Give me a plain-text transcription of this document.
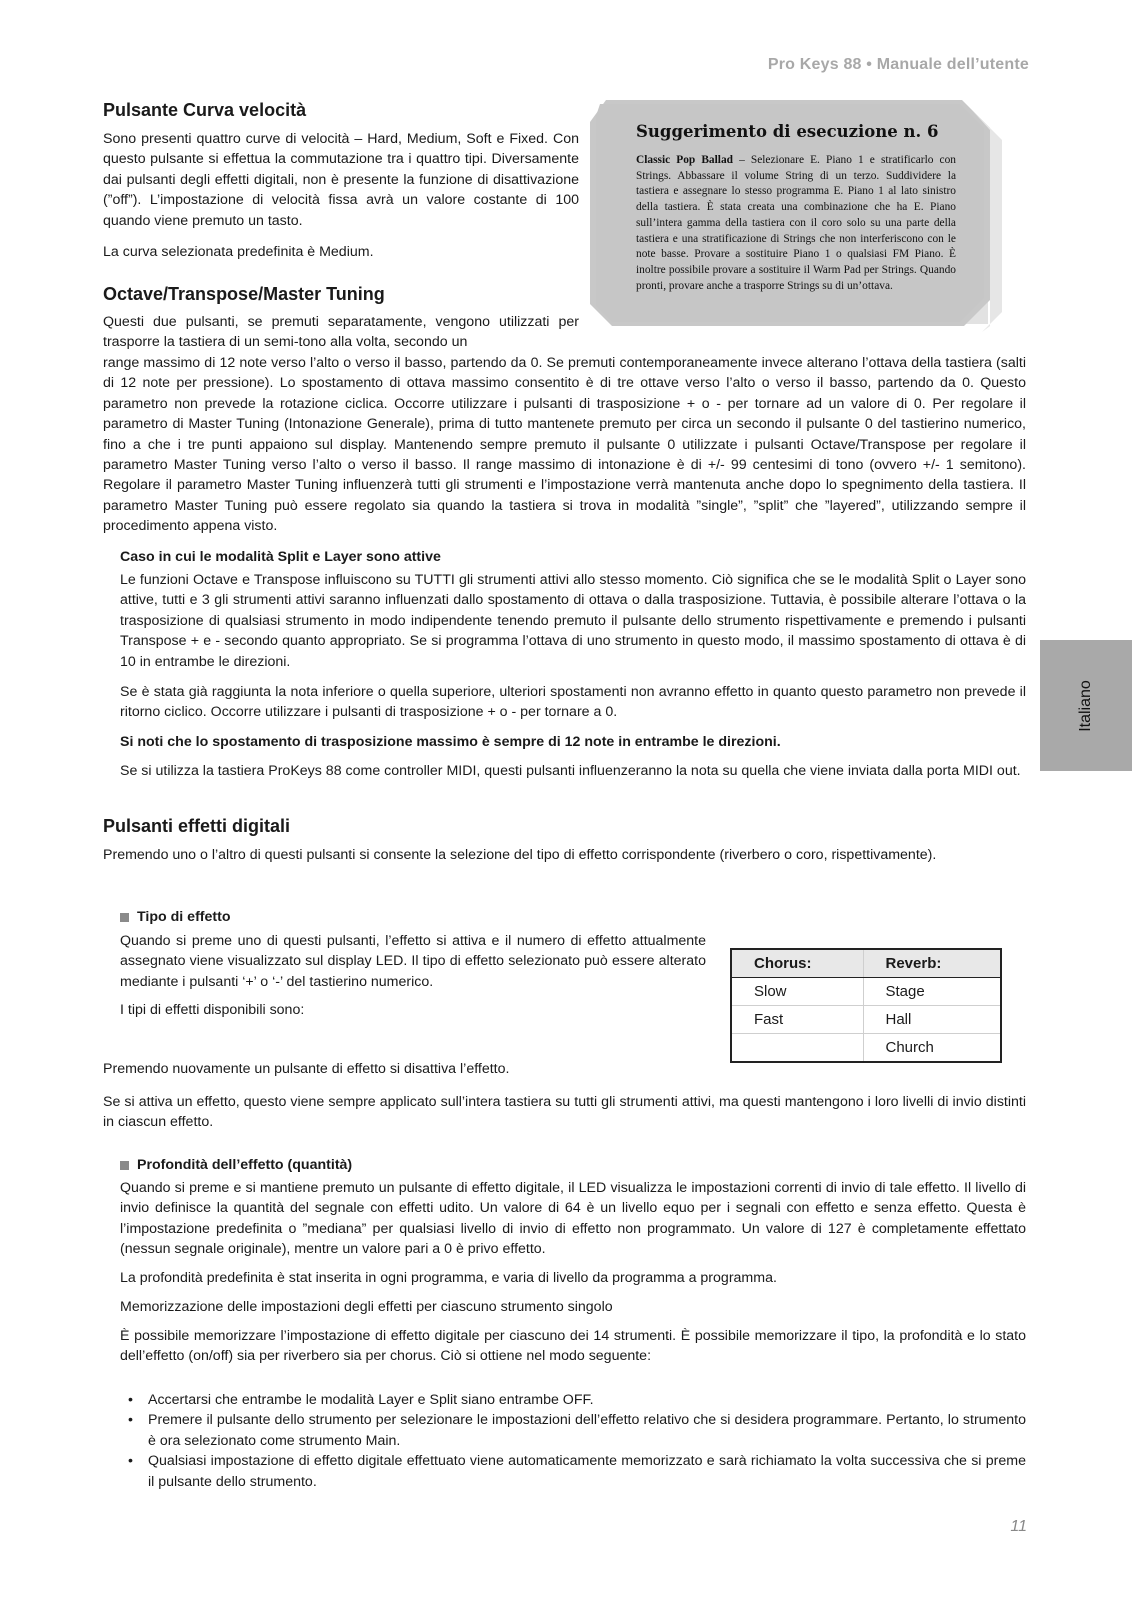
Pro Keys 88 • Manuale dell’utente
Italiano
Suggerimento di esecuzione n. 6
Classic Pop Ballad – Selezionare E. Piano 1 e stratificarlo con Strings. Abbassare il volume String di un terzo. Suddividere la tastiera e assegnare lo stesso programma E. Piano 1 al lato sinistro della tastiera. È stata creata una combinazione che ha E. Piano sull’intera gamma della tastiera con il coro solo su una parte della tastiera e una stratificazione di Strings che non interferiscono con le note basse. Provare a sostituire Piano 1 o qualsiasi FM Piano. È inoltre possibile provare a sostituire il Warm Pad per Strings. Quando pronti, provare anche a trasporre Strings su di un’ottava.
Pulsante Curva velocità

Sono presenti quattro curve di velocità – Hard, Medium, Soft e Fixed. Con questo pulsante si effettua la commutazione tra i quattro tipi. Diversamente dai pulsanti degli effetti digitali, non è presente la funzione di disattivazione (”off”). L’impostazione di velocità fissa avrà un valore costante di 100 quando viene premuto un tasto.

La curva selezionata predefinita è Medium.

Octave/Transpose/Master Tuning

Questi due pulsanti, se premuti separatamente, vengono utilizzati per trasporre la tastiera di un semi-tono alla volta, secondo un

range massimo di 12 note verso l’alto o verso il basso, partendo da 0. Se premuti contemporaneamente invece alterano l’ottava della tastiera (salti di 12 note per pressione). Lo spostamento di ottava massimo consentito è di tre ottave verso l’alto o verso il basso, partendo da 0. Questo parametro non prevede la rotazione ciclica. Occorre utilizzare i pulsanti di trasposizione + o - per tornare ad un valore di 0. Per regolare il parametro di Master Tuning (Intonazione Generale), prima di tutto mantenete premuto per circa un secondo il pulsante 0 del tastierino numerico, fino a che i tre punti appaiono sul display. Mantenendo sempre premuto il pulsante 0 utilizzate i pulsanti Octave/Transpose per regolare il parametro Master Tuning verso l’alto o verso il basso. Il range massimo di intonazione è di +/- 99 centesimi di tono (ovvero +/- 1 semitono). Regolare il parametro Master Tuning influenzerà tutti gli strumenti e l’impostazione verrà mantenuta anche dopo lo spegnimento della tastiera. Il parametro Master Tuning può essere regolato sia quando la tastiera si trova in modalità ”single”, ”split” che ”layered”, utilizzando sempre il procedimento appena visto.

Caso in cui le modalità Split e Layer sono attive

Le funzioni Octave e Transpose influiscono su TUTTI gli strumenti attivi allo stesso momento. Ciò significa che se le modalità Split o Layer sono attive, tutti e 3 gli strumenti attivi saranno influenzati dallo spostamento di ottava o dalla trasposizione. Tuttavia, è possibile alterare l’ottava o la trasposizione di qualsiasi strumento in modo indipendente tenendo premuto il pulsante dello strumento rispettivamente e premendo i pulsanti Transpose + e - secondo quanto appropriato. Se si programma l’ottava di uno strumento in questo modo, il massimo spostamento di ottava è di 10 in entrambe le direzioni.

Se è stata già raggiunta la nota inferiore o quella superiore, ulteriori spostamenti non avranno effetto in quanto questo parametro non prevede il ritorno ciclico. Occorre utilizzare i pulsanti di trasposizione + o - per tornare a 0.

Si noti che lo spostamento di trasposizione massimo è sempre di 12 note in entrambe le direzioni.

Se si utilizza la tastiera ProKeys 88 come controller MIDI, questi pulsanti influenzeranno la nota su quella che viene inviata dalla porta MIDI out.

Pulsanti effetti digitali

Premendo uno o l’altro di questi pulsanti si consente la selezione del tipo di effetto corrispondente (riverbero o coro, rispettivamente).

Tipo di effetto

Quando si preme uno di questi pulsanti, l’effetto si attiva e il numero di effetto attualmente assegnato viene visualizzato sul display LED. Il tipo di effetto selezionato può essere alterato mediante i pulsanti ‘+’ o ‘-’ del tastierino numerico.

I tipi di effetti disponibili sono:

Chorus:	Reverb:
Slow	Stage
Fast	Hall
	Church

Premendo nuovamente un pulsante di effetto si disattiva l’effetto.

Se si attiva un effetto, questo viene sempre applicato sull’intera tastiera su tutti gli strumenti attivi, ma questi mantengono i loro livelli di invio distinti in ciascun effetto.

Profondità dell’effetto (quantità)

Quando si preme e si mantiene premuto un pulsante di effetto digitale, il LED visualizza le impostazioni correnti di invio di tale effetto. Il livello di invio definisce la quantità del segnale con effetti udito. Un valore di 64 è un livello equo per i segnali con effetto e senza effetto. Questa è l’impostazione predefinita o ”mediana” per qualsiasi livello di invio di effetto non programmato. Un valore di 127 è completamente effettato (nessun segnale originale), mentre un valore pari a 0 è privo effetto.

La profondità predefinita è stat inserita in ogni programma, e varia di livello da programma a programma.

Memorizzazione delle impostazioni degli effetti per ciascuno strumento singolo

È possibile memorizzare l’impostazione di effetto digitale per ciascuno dei 14 strumenti. È possibile memorizzare il tipo, la profondità e lo stato dell’effetto (on/off) sia per riverbero sia per chorus. Ciò si ottiene nel modo seguente:

• Accertarsi che entrambe le modalità Layer e Split siano entrambe OFF.
• Premere il pulsante dello strumento per selezionare le impostazioni dell’effetto relativo che si desidera programmare. Pertanto, lo strumento è ora selezionato come strumento Main.
• Qualsiasi impostazione di effetto digitale effettuato viene automaticamente memorizzato e sarà richiamato la volta successiva che si preme il pulsante dello strumento.
11
